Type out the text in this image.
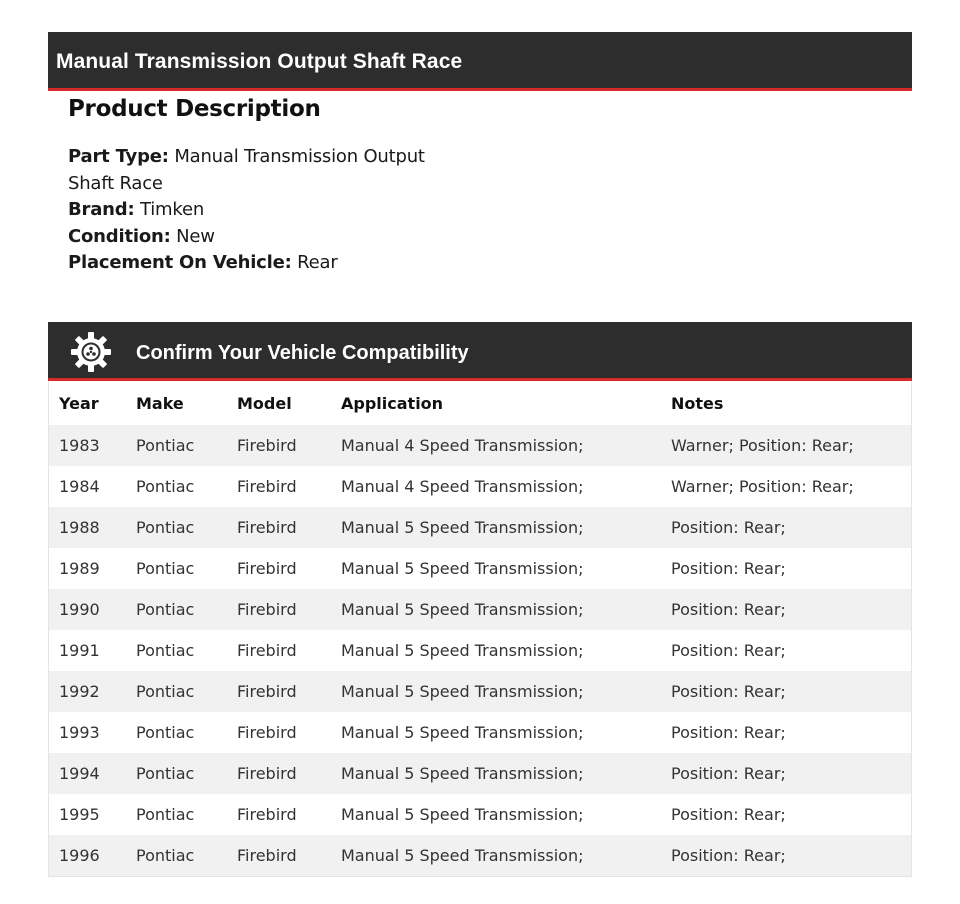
Manual Transmission Output Shaft Race
Product Description
Part Type: Manual Transmission Output Shaft Race
Brand: Timken
Condition: New
Placement On Vehicle: Rear
Confirm Your Vehicle Compatibility
Year	Make	Model	Application	Notes
1983	Pontiac	Firebird	Manual 4 Speed Transmission;	Warner; Position: Rear;
1984	Pontiac	Firebird	Manual 4 Speed Transmission;	Warner; Position: Rear;
1988	Pontiac	Firebird	Manual 5 Speed Transmission;	Position: Rear;
1989	Pontiac	Firebird	Manual 5 Speed Transmission;	Position: Rear;
1990	Pontiac	Firebird	Manual 5 Speed Transmission;	Position: Rear;
1991	Pontiac	Firebird	Manual 5 Speed Transmission;	Position: Rear;
1992	Pontiac	Firebird	Manual 5 Speed Transmission;	Position: Rear;
1993	Pontiac	Firebird	Manual 5 Speed Transmission;	Position: Rear;
1994	Pontiac	Firebird	Manual 5 Speed Transmission;	Position: Rear;
1995	Pontiac	Firebird	Manual 5 Speed Transmission;	Position: Rear;
1996	Pontiac	Firebird	Manual 5 Speed Transmission;	Position: Rear;
